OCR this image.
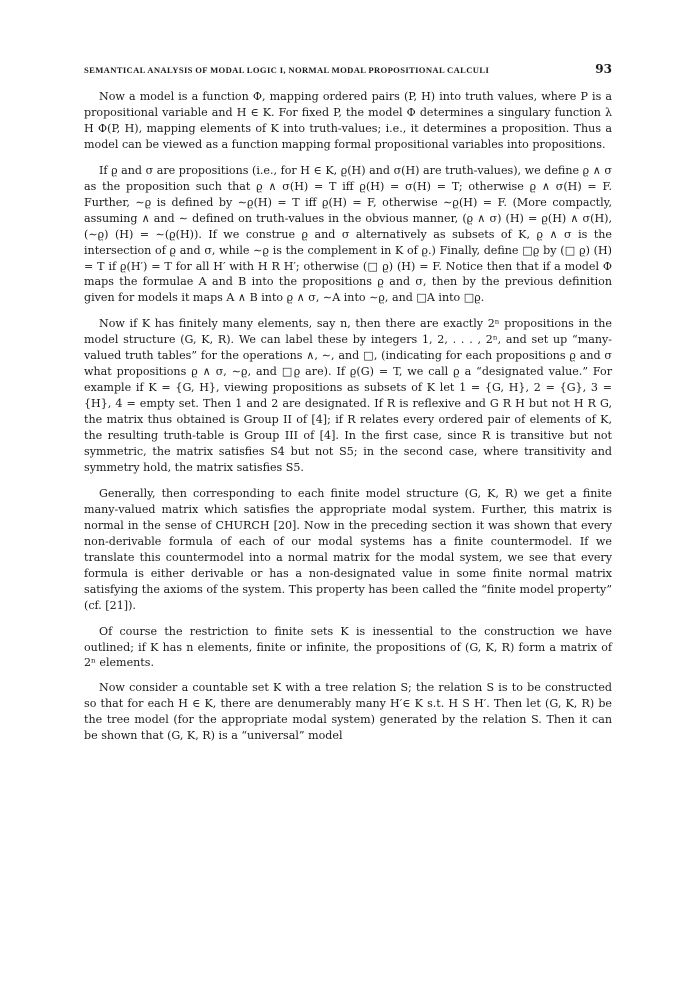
SEMANTICAL ANALYSIS OF MODAL LOGIC I, NORMAL MODAL PROPOSITIONAL CALCULI	93

Now a model is a function Φ, mapping ordered pairs (P, H) into truth values, where P is a propositional variable and H ∈ K. For fixed P, the model Φ determines a singulary function λ H Φ(P, H), mapping elements of K into truth-values; i.e., it determines a proposition. Thus a model can be viewed as a function mapping formal propositional variables into propositions.

If ϱ and σ are propositions (i.e., for H ∈ K, ϱ(H) and σ(H) are truth-values), we define ϱ ∧ σ as the proposition such that ϱ ∧ σ(H) = T iff ϱ(H) = σ(H) = T; otherwise ϱ ∧ σ(H) = F. Further, ∼ϱ is defined by ∼ϱ(H) = T iff ϱ(H) = F, otherwise ∼ϱ(H) = F. (More compactly, assuming ∧ and ∼ defined on truth-values in the obvious manner, (ϱ ∧ σ) (H) = ϱ(H) ∧ σ(H), (∼ϱ) (H) = ∼(ϱ(H)). If we construe ϱ and σ alternatively as subsets of K, ϱ ∧ σ is the intersection of ϱ and σ, while ∼ϱ is the complement in K of ϱ.) Finally, define □ϱ by (□ ϱ) (H) = T if ϱ(H′) = T for all H′ with H R H′; otherwise (□ ϱ) (H) = F. Notice then that if a model Φ maps the formulae A and B into the propositions ϱ and σ, then by the previous definition given for models it maps A ∧ B into ϱ ∧ σ, ∼A into ∼ϱ, and □A into □ϱ.

Now if K has finitely many elements, say n, then there are exactly 2ⁿ propositions in the model structure (G, K, R). We can label these by integers 1, 2, . . . , 2ⁿ, and set up “many-valued truth tables” for the operations ∧, ∼, and □, (indicating for each propositions ϱ and σ what propositions ϱ ∧ σ, ∼ϱ, and □ϱ are). If ϱ(G) = T, we call ϱ a “designated value.” For example if K = {G, H}, viewing propositions as subsets of K let 1 = {G, H}, 2 = {G}, 3 = {H}, 4 = empty set. Then 1 and 2 are designated. If R is reflexive and G R H but not H R G, the matrix thus obtained is Group II of [4]; if R relates every ordered pair of elements of K, the resulting truth-table is Group III of [4]. In the first case, since R is transitive but not symmetric, the matrix satisfies S4 but not S5; in the second case, where transitivity and symmetry hold, the matrix satisfies S5.

Generally, then corresponding to each finite model structure (G, K, R) we get a finite many-valued matrix which satisfies the appropriate modal system. Further, this matrix is normal in the sense of CHURCH [20]. Now in the preceding section it was shown that every non-derivable formula of each of our modal systems has a finite countermodel. If we translate this countermodel into a normal matrix for the modal system, we see that every formula is either derivable or has a non-designated value in some finite normal matrix satisfying the axioms of the system. This property has been called the “finite model property” (cf. [21]).

Of course the restriction to finite sets K is inessential to the construction we have outlined; if K has n elements, finite or infinite, the propositions of (G, K, R) form a matrix of 2ⁿ elements.

Now consider a countable set K with a tree relation S; the relation S is to be constructed so that for each H ∈ K, there are denumerably many H′∈ K s.t. H S H′. Then let (G, K, R) be the tree model (for the appropriate modal system) generated by the relation S. Then it can be shown that (G, K, R) is a “universal” model
